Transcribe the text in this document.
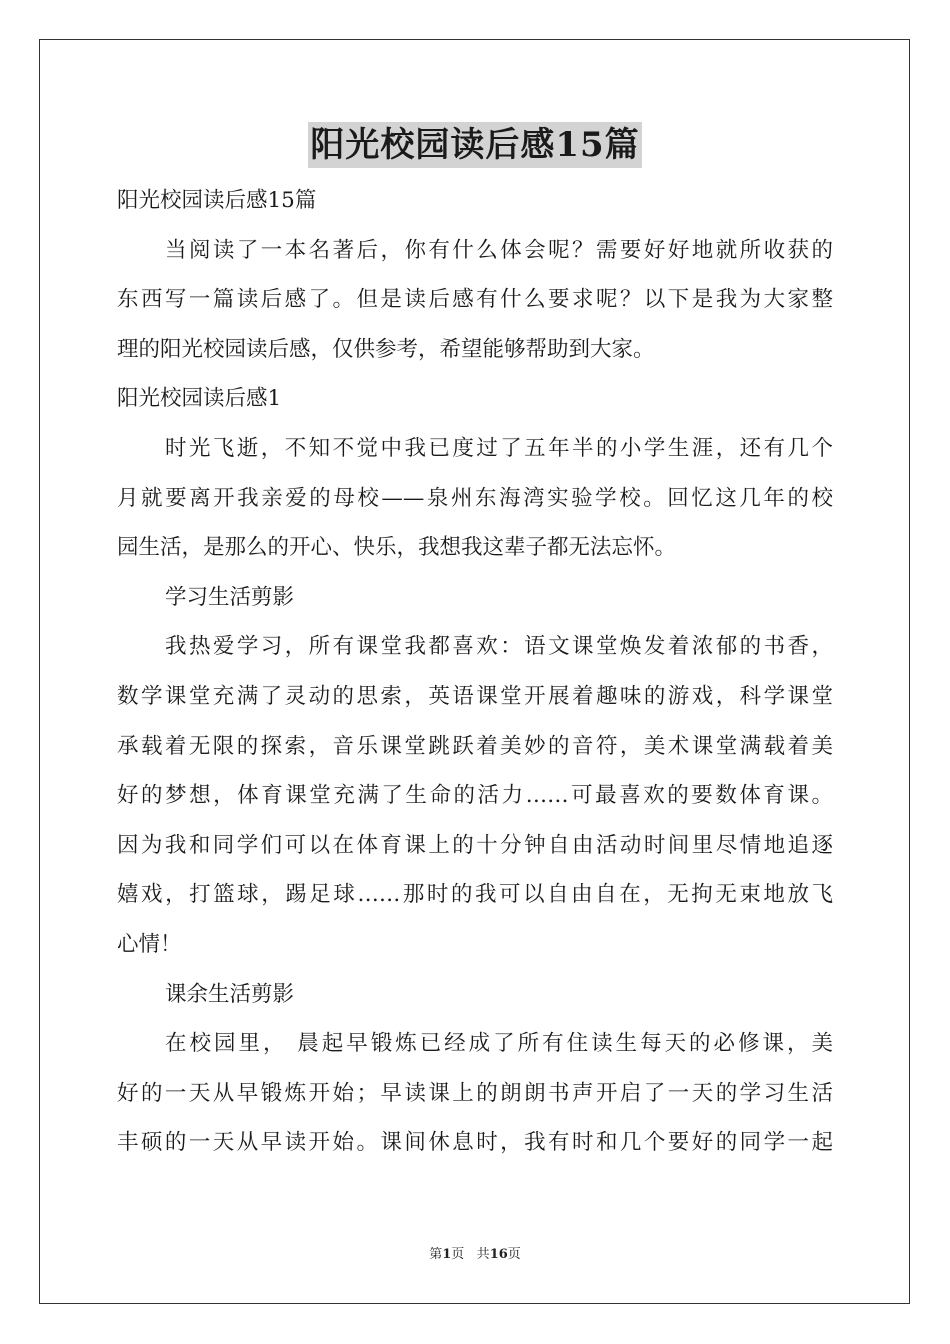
阳光校园读后感15篇
阳光校园读后感15篇
当阅读了一本名著后，你有什么体会呢？需要好好地就所收获的
东西写一篇读后感了。但是读后感有什么要求呢？以下是我为大家整
理的阳光校园读后感，仅供参考，希望能够帮助到大家。
阳光校园读后感1
时光飞逝，不知不觉中我已度过了五年半的小学生涯，还有几个
月就要离开我亲爱的母校——泉州东海湾实验学校。回忆这几年的校
园生活，是那么的开心、快乐，我想我这辈子都无法忘怀。
学习生活剪影
我热爱学习，所有课堂我都喜欢：语文课堂焕发着浓郁的书香，
数学课堂充满了灵动的思索，英语课堂开展着趣味的游戏，科学课堂
承载着无限的探索，音乐课堂跳跃着美妙的音符，美术课堂满载着美
好的梦想，体育课堂充满了生命的活力……可最喜欢的要数体育课。
因为我和同学们可以在体育课上的十分钟自由活动时间里尽情地追逐
嬉戏，打篮球，踢足球……那时的我可以自由自在，无拘无束地放飞
心情！
课余生活剪影
在校园里， 晨起早锻炼已经成了所有住读生每天的必修课，美
好的一天从早锻炼开始；早读课上的朗朗书声开启了一天的学习生活
丰硕的一天从早读开始。课间休息时，我有时和几个要好的同学一起
第1页 共16页
